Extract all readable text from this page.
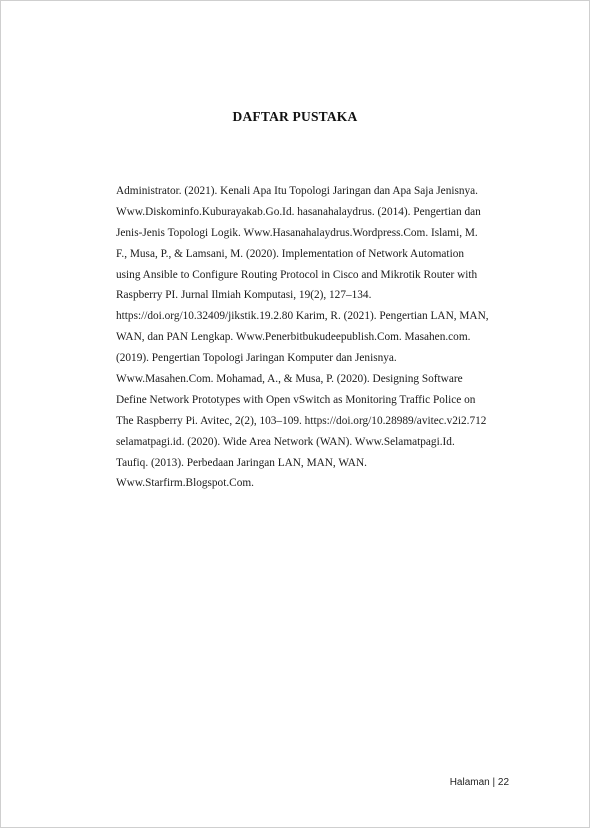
DAFTAR PUSTAKA
Administrator. (2021). Kenali Apa Itu Topologi Jaringan dan Apa Saja Jenisnya.
Www.Diskominfo.Kuburayakab.Go.Id. hasanahalaydrus. (2014). Pengertian dan
Jenis-Jenis Topologi Logik. Www.Hasanahalaydrus.Wordpress.Com. Islami, M.
F., Musa, P., & Lamsani, M. (2020). Implementation of Network Automation
using Ansible to Configure Routing Protocol in Cisco and Mikrotik Router with
Raspberry PI. Jurnal Ilmiah Komputasi, 19(2), 127–134.
https://doi.org/10.32409/jikstik.19.2.80 Karim, R. (2021). Pengertian LAN, MAN,
WAN, dan PAN Lengkap. Www.Penerbitbukudeepublish.Com. Masahen.com.
(2019). Pengertian Topologi Jaringan Komputer dan Jenisnya.
Www.Masahen.Com. Mohamad, A., & Musa, P. (2020). Designing Software
Define Network Prototypes with Open vSwitch as Monitoring Traffic Police on
The Raspberry Pi. Avitec, 2(2), 103–109. https://doi.org/10.28989/avitec.v2i2.712
selamatpagi.id. (2020). Wide Area Network (WAN). Www.Selamatpagi.Id.
Taufiq. (2013). Perbedaan Jaringan LAN, MAN, WAN.
Www.Starfirm.Blogspot.Com.
Halaman | 22
